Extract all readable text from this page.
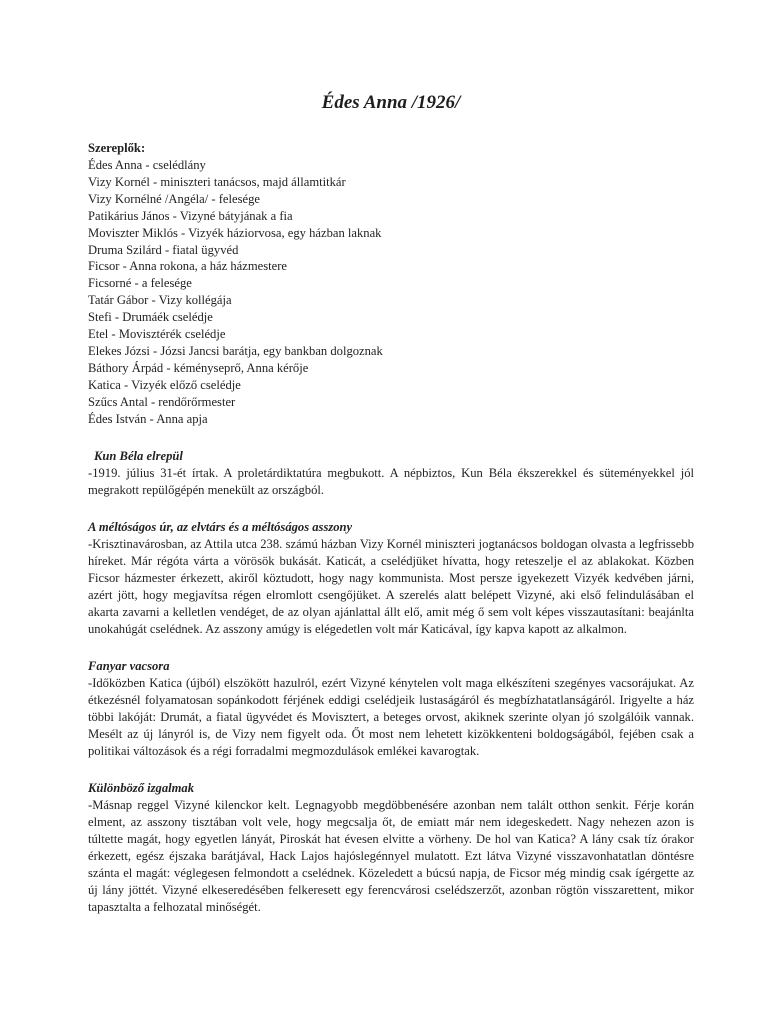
Édes Anna /1926/

Szereplők:

Édes Anna - cselédlány
Vizy Kornél - miniszteri tanácsos, majd államtitkár
Vizy Kornélné /Angéla/ - felesége
Patikárius János - Vizyné bátyjának a fia
Moviszter Miklós - Vizyék háziorvosa, egy házban laknak
Druma Szilárd - fiatal ügyvéd
Ficsor - Anna rokona, a ház házmestere
Ficsorné - a felesége
Tatár Gábor - Vizy kollégája
Stefi - Drumáék cselédje
Etel - Movisztérék cselédje
Elekes Józsi - Józsi Jancsi barátja, egy bankban dolgoznak
Báthory Árpád - kéményseprő, Anna kérője
Katica - Vizyék előző cselédje
Szűcs Antal - rendőrőrmester
Édes István - Anna apja

Kun Béla elrepül

-1919. július 31-ét írtak. A proletárdiktatúra megbukott. A népbiztos, Kun Béla ékszerekkel és süteményekkel jól megrakott repülőgépén menekült az országból.

A méltóságos úr, az elvtárs és a méltóságos asszony

-Krisztinavárosban, az Attila utca 238. számú házban Vizy Kornél miniszteri jogtanácsos boldogan olvasta a legfrissebb híreket. Már régóta várta a vörösök bukását. Katicát, a cselédjüket hívatta, hogy reteszelje el az ablakokat. Közben Ficsor házmester érkezett, akiről köztudott, hogy nagy kommunista. Most persze igyekezett Vizyék kedvében járni, azért jött, hogy megjavítsa régen elromlott csengőjüket. A szerelés alatt belépett Vizyné, aki első felindulásában el akarta zavarni a kelletlen vendéget, de az olyan ajánlattal állt elő, amit még ő sem volt képes visszautasítani: beajánlta unokahúgát cselédnek. Az asszony amúgy is elégedetlen volt már Katicával, így kapva kapott az alkalmon.

Fanyar vacsora

-Időközben Katica (újból) elszökött hazulról, ezért Vizyné kénytelen volt maga elkészíteni szegényes vacsorájukat. Az étkezésnél folyamatosan sopánkodott férjének eddigi cselédjeik lustaságáról és megbízhatatlanságáról. Irigyelte a ház többi lakóját: Drumát, a fiatal ügyvédet és Movisztert, a beteges orvost, akiknek szerinte olyan jó szolgálóik vannak. Mesélt az új lányról is, de Vizy nem figyelt oda. Őt most nem lehetett kizökkenteni boldogságából, fejében csak a politikai változások és a régi forradalmi megmozdulások emlékei kavarogtak.

Különböző izgalmak

-Másnap reggel Vizyné kilenckor kelt. Legnagyobb megdöbbenésére azonban nem talált otthon senkit. Férje korán elment, az asszony tisztában volt vele, hogy megcsalja őt, de emiatt már nem idegeskedett. Nagy nehezen azon is túltette magát, hogy egyetlen lányát, Piroskát hat évesen elvitte a vörheny. De hol van Katica? A lány csak tíz órakor érkezett, egész éjszaka barátjával, Hack Lajos hajóslegénnyel mulatott. Ezt látva Vizyné visszavonhatatlan döntésre szánta el magát: véglegesen felmondott a cselédnek. Közeledett a búcsú napja, de Ficsor még mindig csak ígérgette az új lány jöttét. Vizyné elkeseredésében felkeresett egy ferencvárosi cselédszerzőt, azonban rögtön visszarettent, mikor tapasztalta a felhozatal minőségét.
